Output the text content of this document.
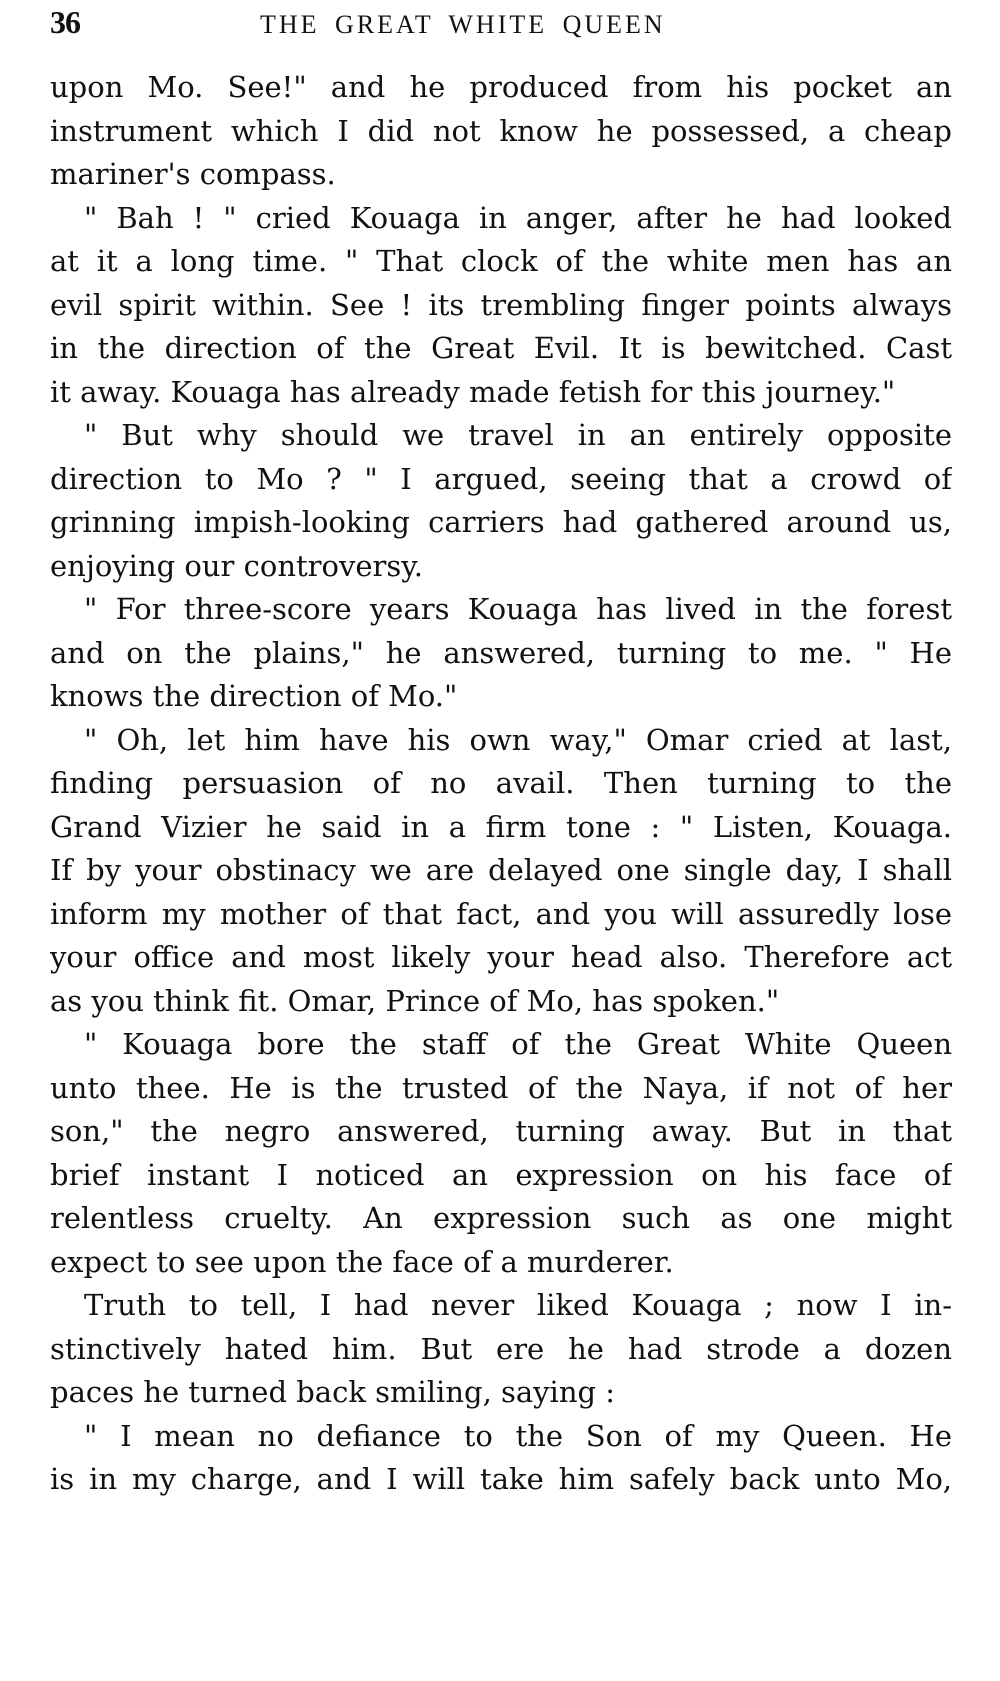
36	THE GREAT WHITE QUEEN
upon Mo. See!" and he produced from his pocket an
instrument which I did not know he possessed, a cheap
mariner's compass.
" Bah ! " cried Kouaga in anger, after he had looked
at it a long time. " That clock of the white men has an
evil spirit within. See ! its trembling finger points always
in the direction of the Great Evil. It is bewitched. Cast
it away. Kouaga has already made fetish for this journey."
" But why should we travel in an entirely opposite
direction to Mo ? " I argued, seeing that a crowd of
grinning impish-looking carriers had gathered around us,
enjoying our controversy.
" For three-score years Kouaga has lived in the forest
and on the plains," he answered, turning to me. " He
knows the direction of Mo."
" Oh, let him have his own way," Omar cried at last,
finding persuasion of no avail. Then turning to the
Grand Vizier he said in a firm tone : " Listen, Kouaga.
If by your obstinacy we are delayed one single day, I shall
inform my mother of that fact, and you will assuredly lose
your office and most likely your head also. Therefore act
as you think fit. Omar, Prince of Mo, has spoken."
" Kouaga bore the staff of the Great White Queen
unto thee. He is the trusted of the Naya, if not of her
son," the negro answered, turning away. But in that
brief instant I noticed an expression on his face of
relentless cruelty. An expression such as one might
expect to see upon the face of a murderer.
Truth to tell, I had never liked Kouaga ; now I in-
stinctively hated him. But ere he had strode a dozen
paces he turned back smiling, saying :
" I mean no defiance to the Son of my Queen. He
is in my charge, and I will take him safely back unto Mo,
